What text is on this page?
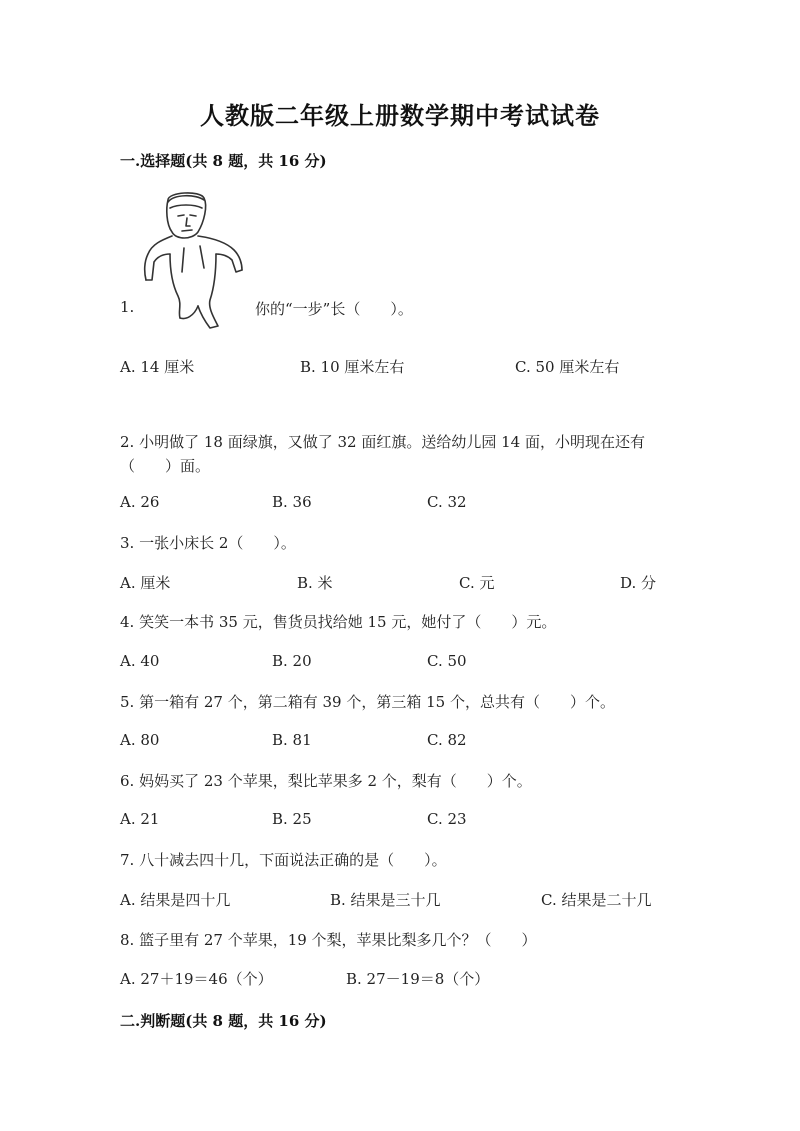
人教版二年级上册数学期中考试试卷
一.选择题(共 8 题，共 16 分)
1.	你的“一步”长（　　）。
A. 14 厘米	B. 10 厘米左右	C. 50 厘米左右
2. 小明做了 18 面绿旗，又做了 32 面红旗。送给幼儿园 14 面，小明现在还有（　　）面。
A. 26	B. 36	C. 32
3. 一张小床长 2（　　）。
A. 厘米	B. 米	C. 元	D. 分
4. 笑笑一本书 35 元，售货员找给她 15 元，她付了（　　）元。
A. 40	B. 20	C. 50
5. 第一箱有 27 个，第二箱有 39 个，第三箱 15 个，总共有（　　）个。
A. 80	B. 81	C. 82
6. 妈妈买了 23 个苹果，梨比苹果多 2 个，梨有（　　）个。
A. 21	B. 25	C. 23
7. 八十减去四十几，下面说法正确的是（　　）。
A. 结果是四十几	B. 结果是三十几	C. 结果是二十几
8. 篮子里有 27 个苹果，19 个梨，苹果比梨多几个？（　　）
A. 27＋19＝46（个）	B. 27－19＝8（个）
二.判断题(共 8 题，共 16 分)
